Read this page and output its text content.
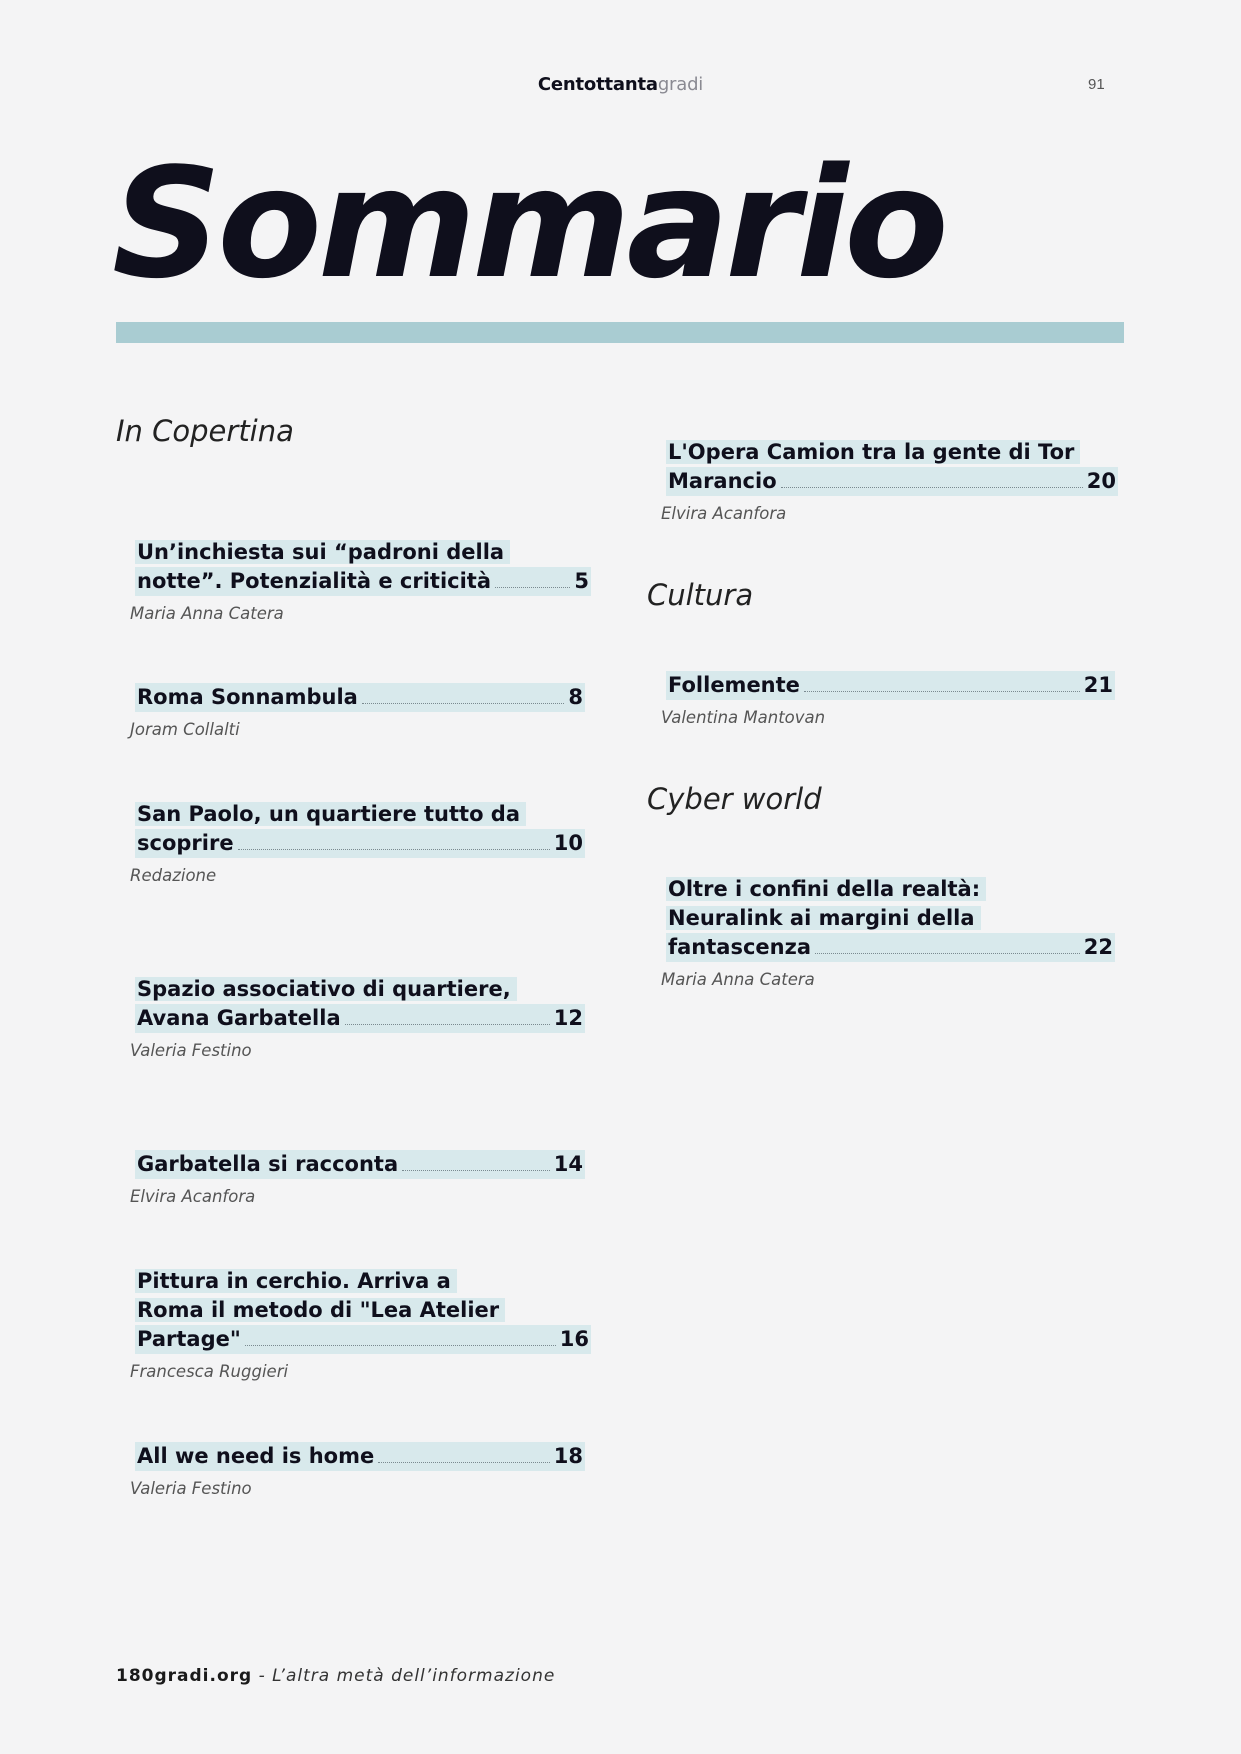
Centottantagradi	91
Sommario
In Copertina
Cultura
Cyber world
Un’inchiesta sui “padroni della
notte”. Potenzialità e criticità	5
Maria Anna Catera
Roma Sonnambula	8
Joram Collalti
San Paolo, un quartiere tutto da
scoprire	10
Redazione
Spazio associativo di quartiere,
Avana Garbatella	12
Valeria Festino
Garbatella si racconta	14
Elvira Acanfora
Pittura in cerchio. Arriva a
Roma il metodo di "Lea Atelier
Partage"	16
Francesca Ruggieri
All we need is home	18
Valeria Festino
L'Opera Camion tra la gente di Tor
Marancio	20
Elvira Acanfora
Follemente	21
Valentina Mantovan
Oltre i confini della realtà:
Neuralink ai margini della
fantascenza	22
Maria Anna Catera
180gradi.org - L’altra metà dell’informazione
